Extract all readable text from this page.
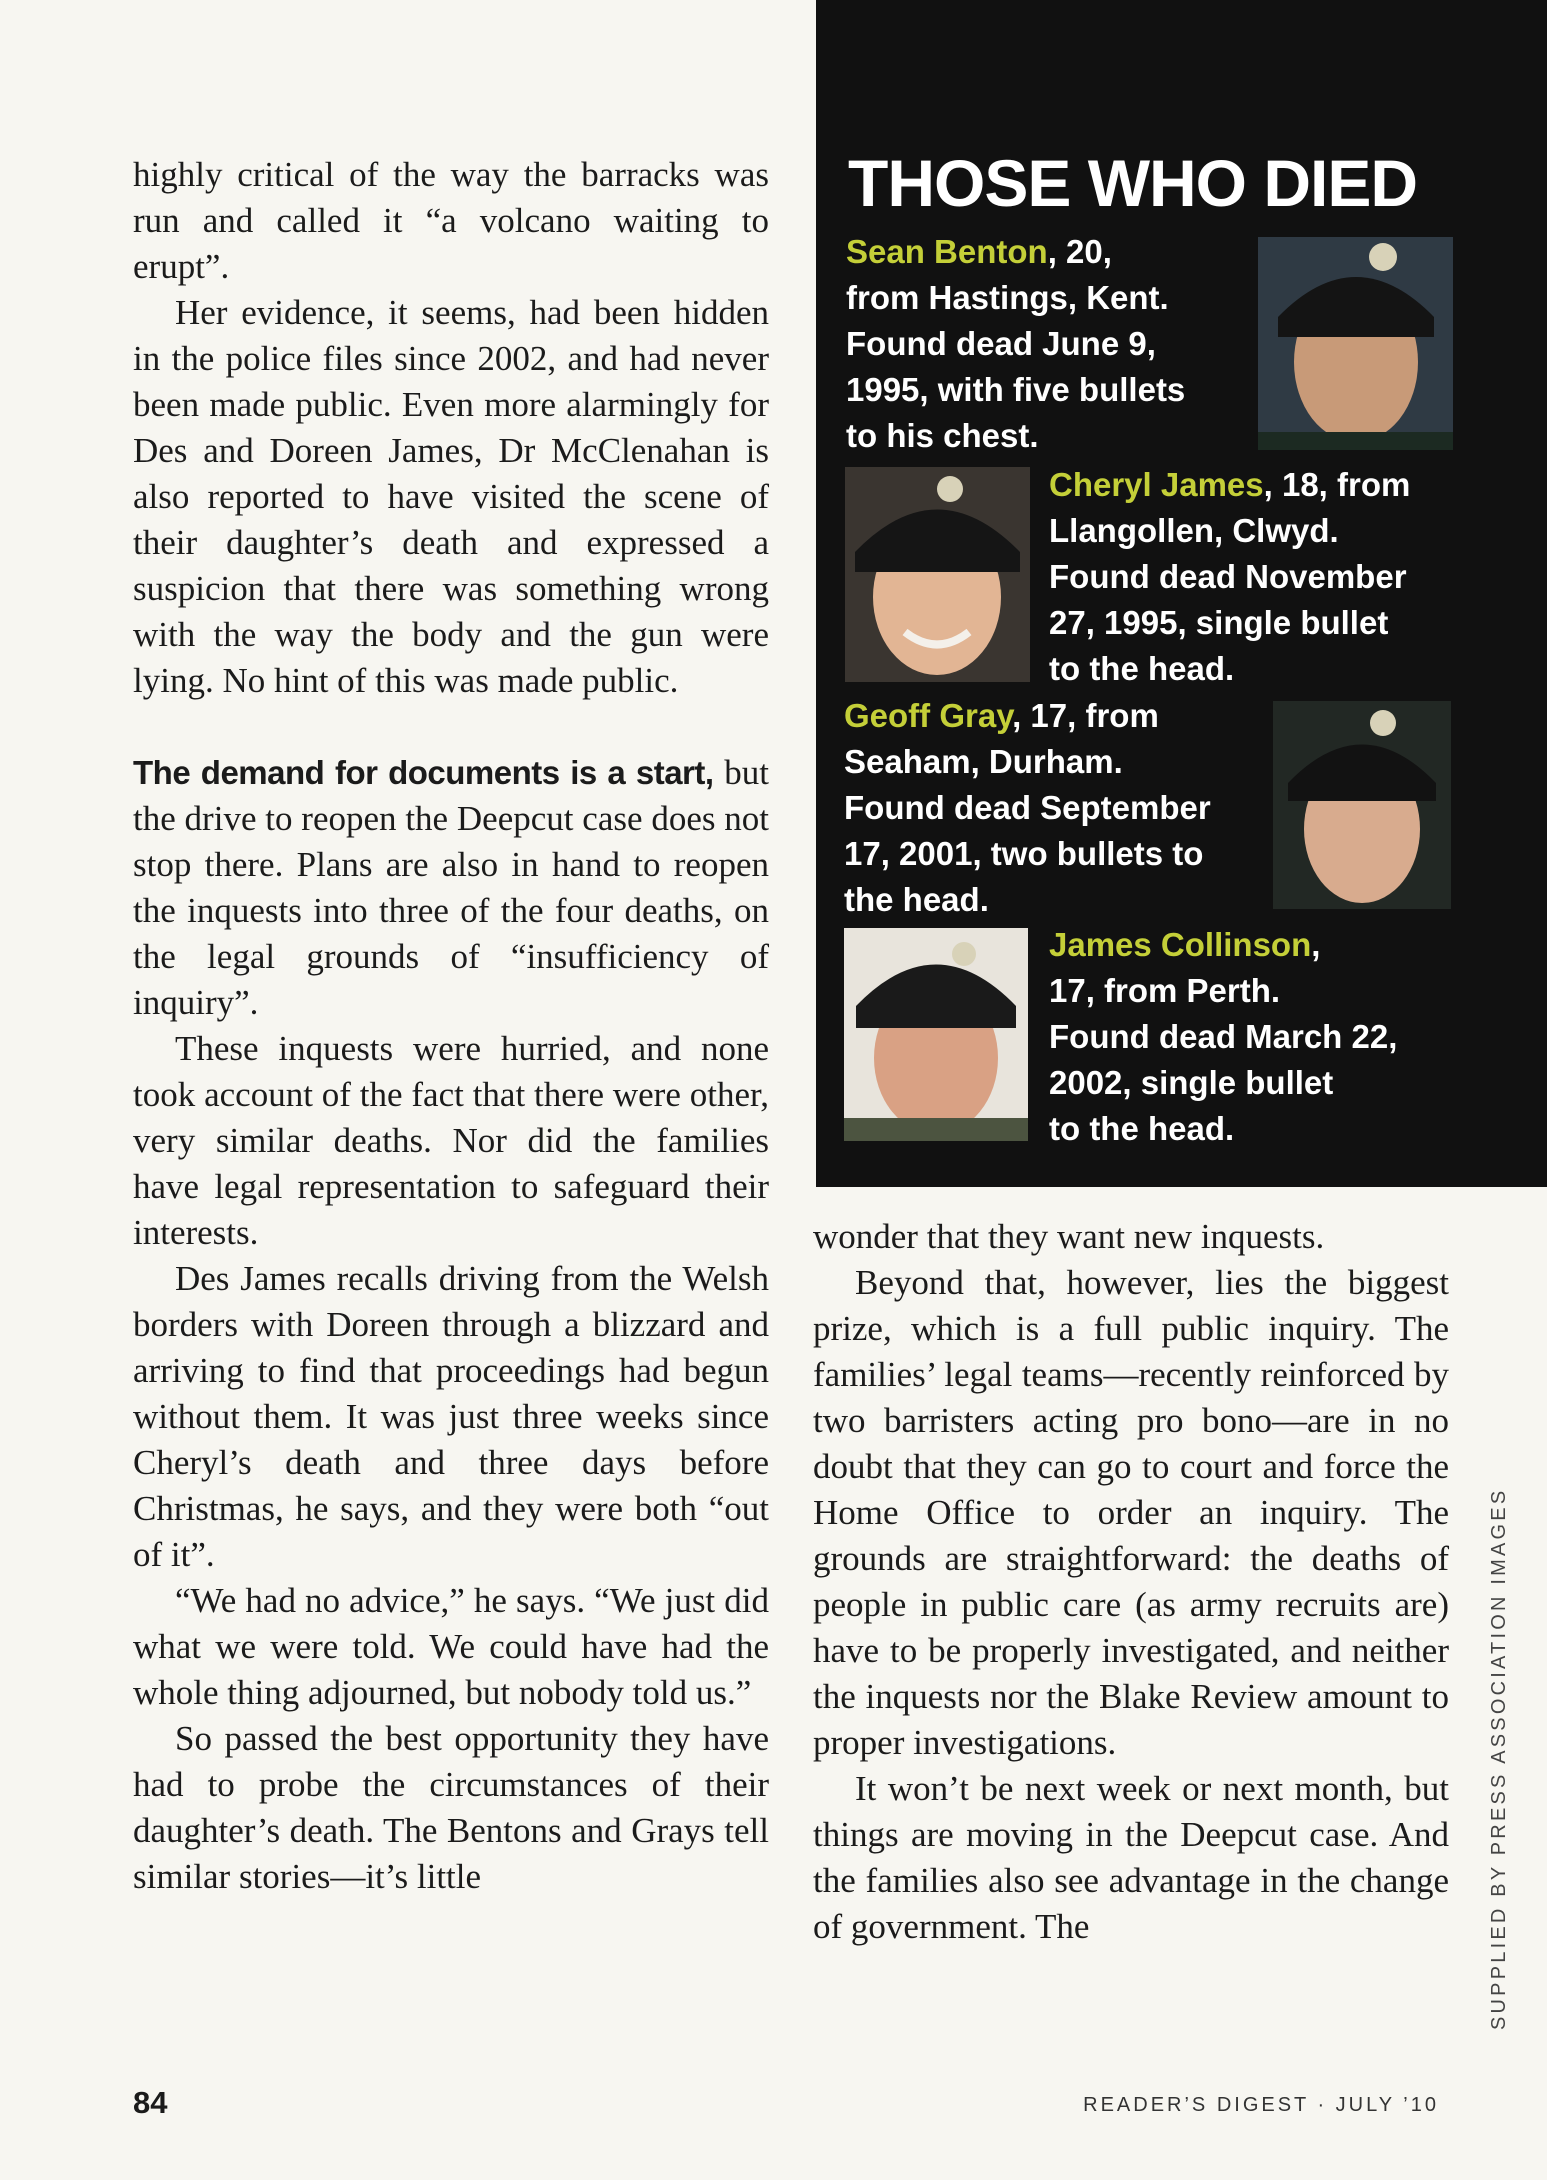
highly critical of the way the barracks was run and called it “a volcano waiting to erupt”.

Her evidence, it seems, had been hidden in the police files since 2002, and had never been made public. Even more alarmingly for Des and Doreen James, Dr McClenahan is also reported to have visited the scene of their daughter’s death and expressed a suspicion that there was something wrong with the way the body and the gun were lying. No hint of this was made public.

The demand for documents is a start, but the drive to reopen the Deepcut case does not stop there. Plans are also in hand to reopen the inquests into three of the four deaths, on the legal grounds of “insufficiency of inquiry”.

These inquests were hurried, and none took account of the fact that there were other, very similar deaths. Nor did the families have legal representation to safeguard their interests.

Des James recalls driving from the Welsh borders with Doreen through a blizzard and arriving to find that proceedings had begun without them. It was just three weeks since Cheryl’s death and three days before Christmas, he says, and they were both “out of it”.

“We had no advice,” he says. “We just did what we were told. We could have had the whole thing adjourned, but nobody told us.”

So passed the best opportunity they have had to probe the circumstances of their daughter’s death. The Bentons and Grays tell similar stories—it’s little

wonder that they want new inquests.

Beyond that, however, lies the biggest prize, which is a full public inquiry. The families’ legal teams—recently reinforced by two barristers acting pro bono—are in no doubt that they can go to court and force the Home Office to order an inquiry. The grounds are straightforward: the deaths of people in public care (as army recruits are) have to be properly investigated, and neither the inquests nor the Blake Review amount to proper investigations.

It won’t be next week or next month, but things are moving in the Deepcut case. And the families also see advantage in the change of government. The

THOSE WHO DIED
Sean Benton, 20,
from Hastings, Kent.
Found dead June 9,
1995, with five bullets
to his chest.
Cheryl James, 18, from
Llangollen, Clwyd.
Found dead November
27, 1995, single bullet
to the head.
Geoff Gray, 17, from
Seaham, Durham.
Found dead September
17, 2001, two bullets to
the head.
James Collinson,
17, from Perth.
Found dead March 22,
2002, single bullet
to the head.

SUPPLIED BY PRESS ASSOCIATION IMAGES

84	READER’S DIGEST · JULY ’10
